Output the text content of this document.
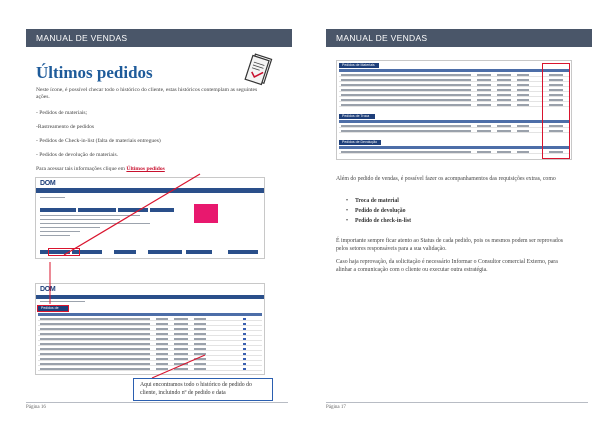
MANUAL DE VENDAS
Últimos pedidos

Neste ícone, é possível checar todo o histórico do cliente, estas históricos contemplam as seguintes ações.

- Pedidos de materiais;

-Rastreamento de pedidos

- Pedidos de Check-in-list (falta de materiais entregues)

- Pedidos de devolução de materiais.

Para acessar tais informações clique em Últimos pedidos

DOM
DOM
Pedidos de
Aqui encontramos todo o histórico de pedido do cliente, incluindo nº de pedido e data
Página 16
MANUAL DE VENDAS
Pedidos de Materiais
Pedidos de Troca
Pedidos de Devolução

Além do pedido de vendas, é possível fazer os acompanhamentos das requisições extras, como

• Troca de material
• Pedido de devolução
• Pedido de check-in-list

É importante sempre ficar atento ao Status de cada pedido, pois os mesmos podem ser reprovados pelos setores responsáveis para a sua validação.

Caso haja reprovação, da solicitação é necessário Informar o Consultor comercial Externo, para alinhar a comunicação com o cliente ou executar outra estratégia.

Página 17
